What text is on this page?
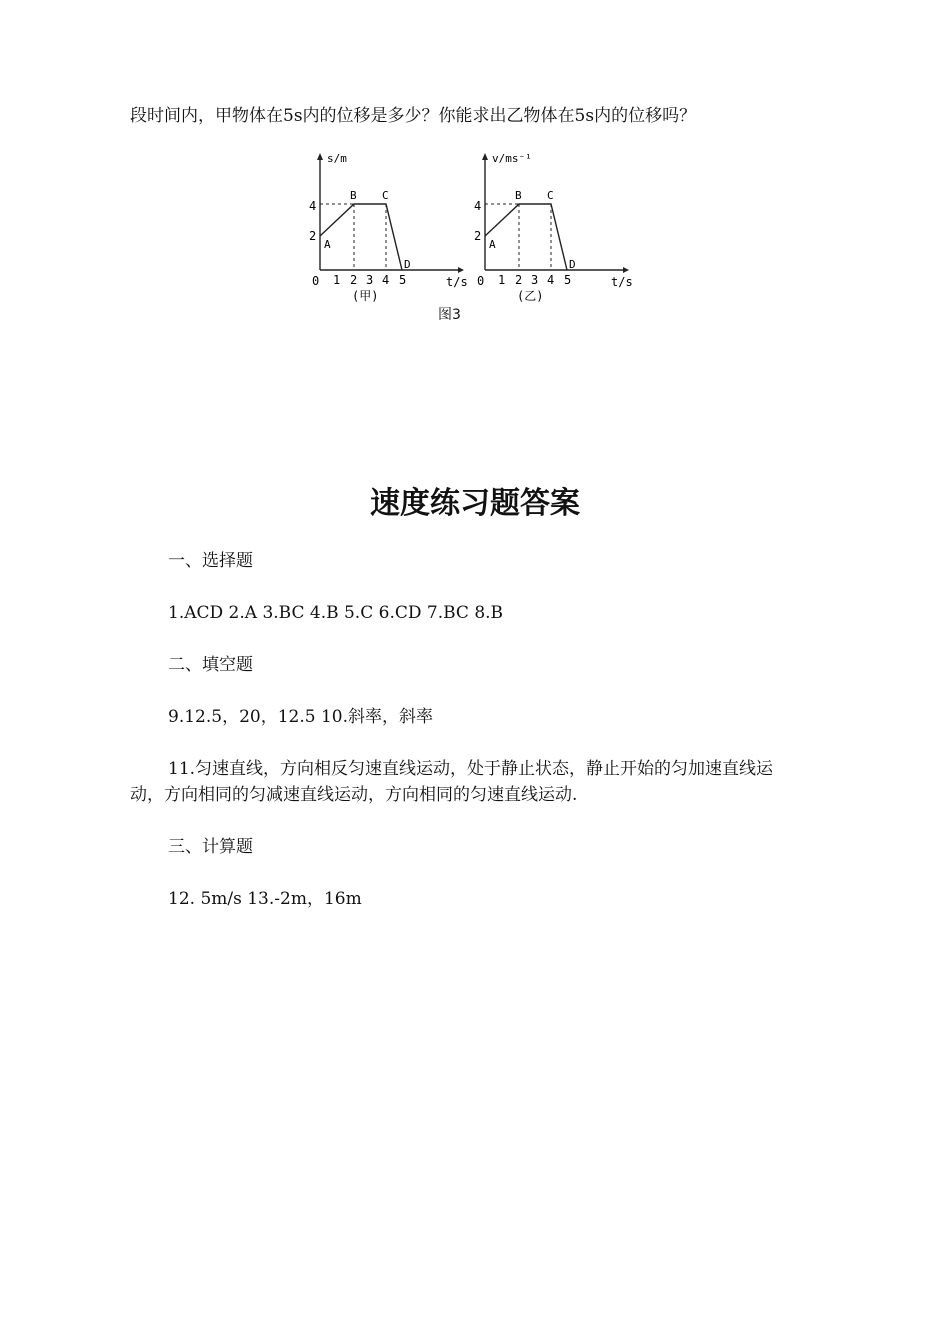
段时间内，甲物体在5s内的位移是多少？你能求出乙物体在5s内的位移吗？
s/m
t/s
2
4
0 1 2 3 4 5
A
B C
D
(甲)
v/ms⁻¹
t/s
2
4
0 1 2 3 4 5
A
B C
D
(乙)
图3
速度练习题答案
一、选择题
1.ACD 2.A 3.BC 4.B 5.C 6.CD 7.BC 8.B
二、填空题
9.12.5，20，12.5 10.斜率，斜率
11.匀速直线，方向相反匀速直线运动，处于静止状态，静止开始的匀加速直线运
动，方向相同的匀减速直线运动，方向相同的匀速直线运动.
三、计算题
12. 5m/s 13.-2m，16m
